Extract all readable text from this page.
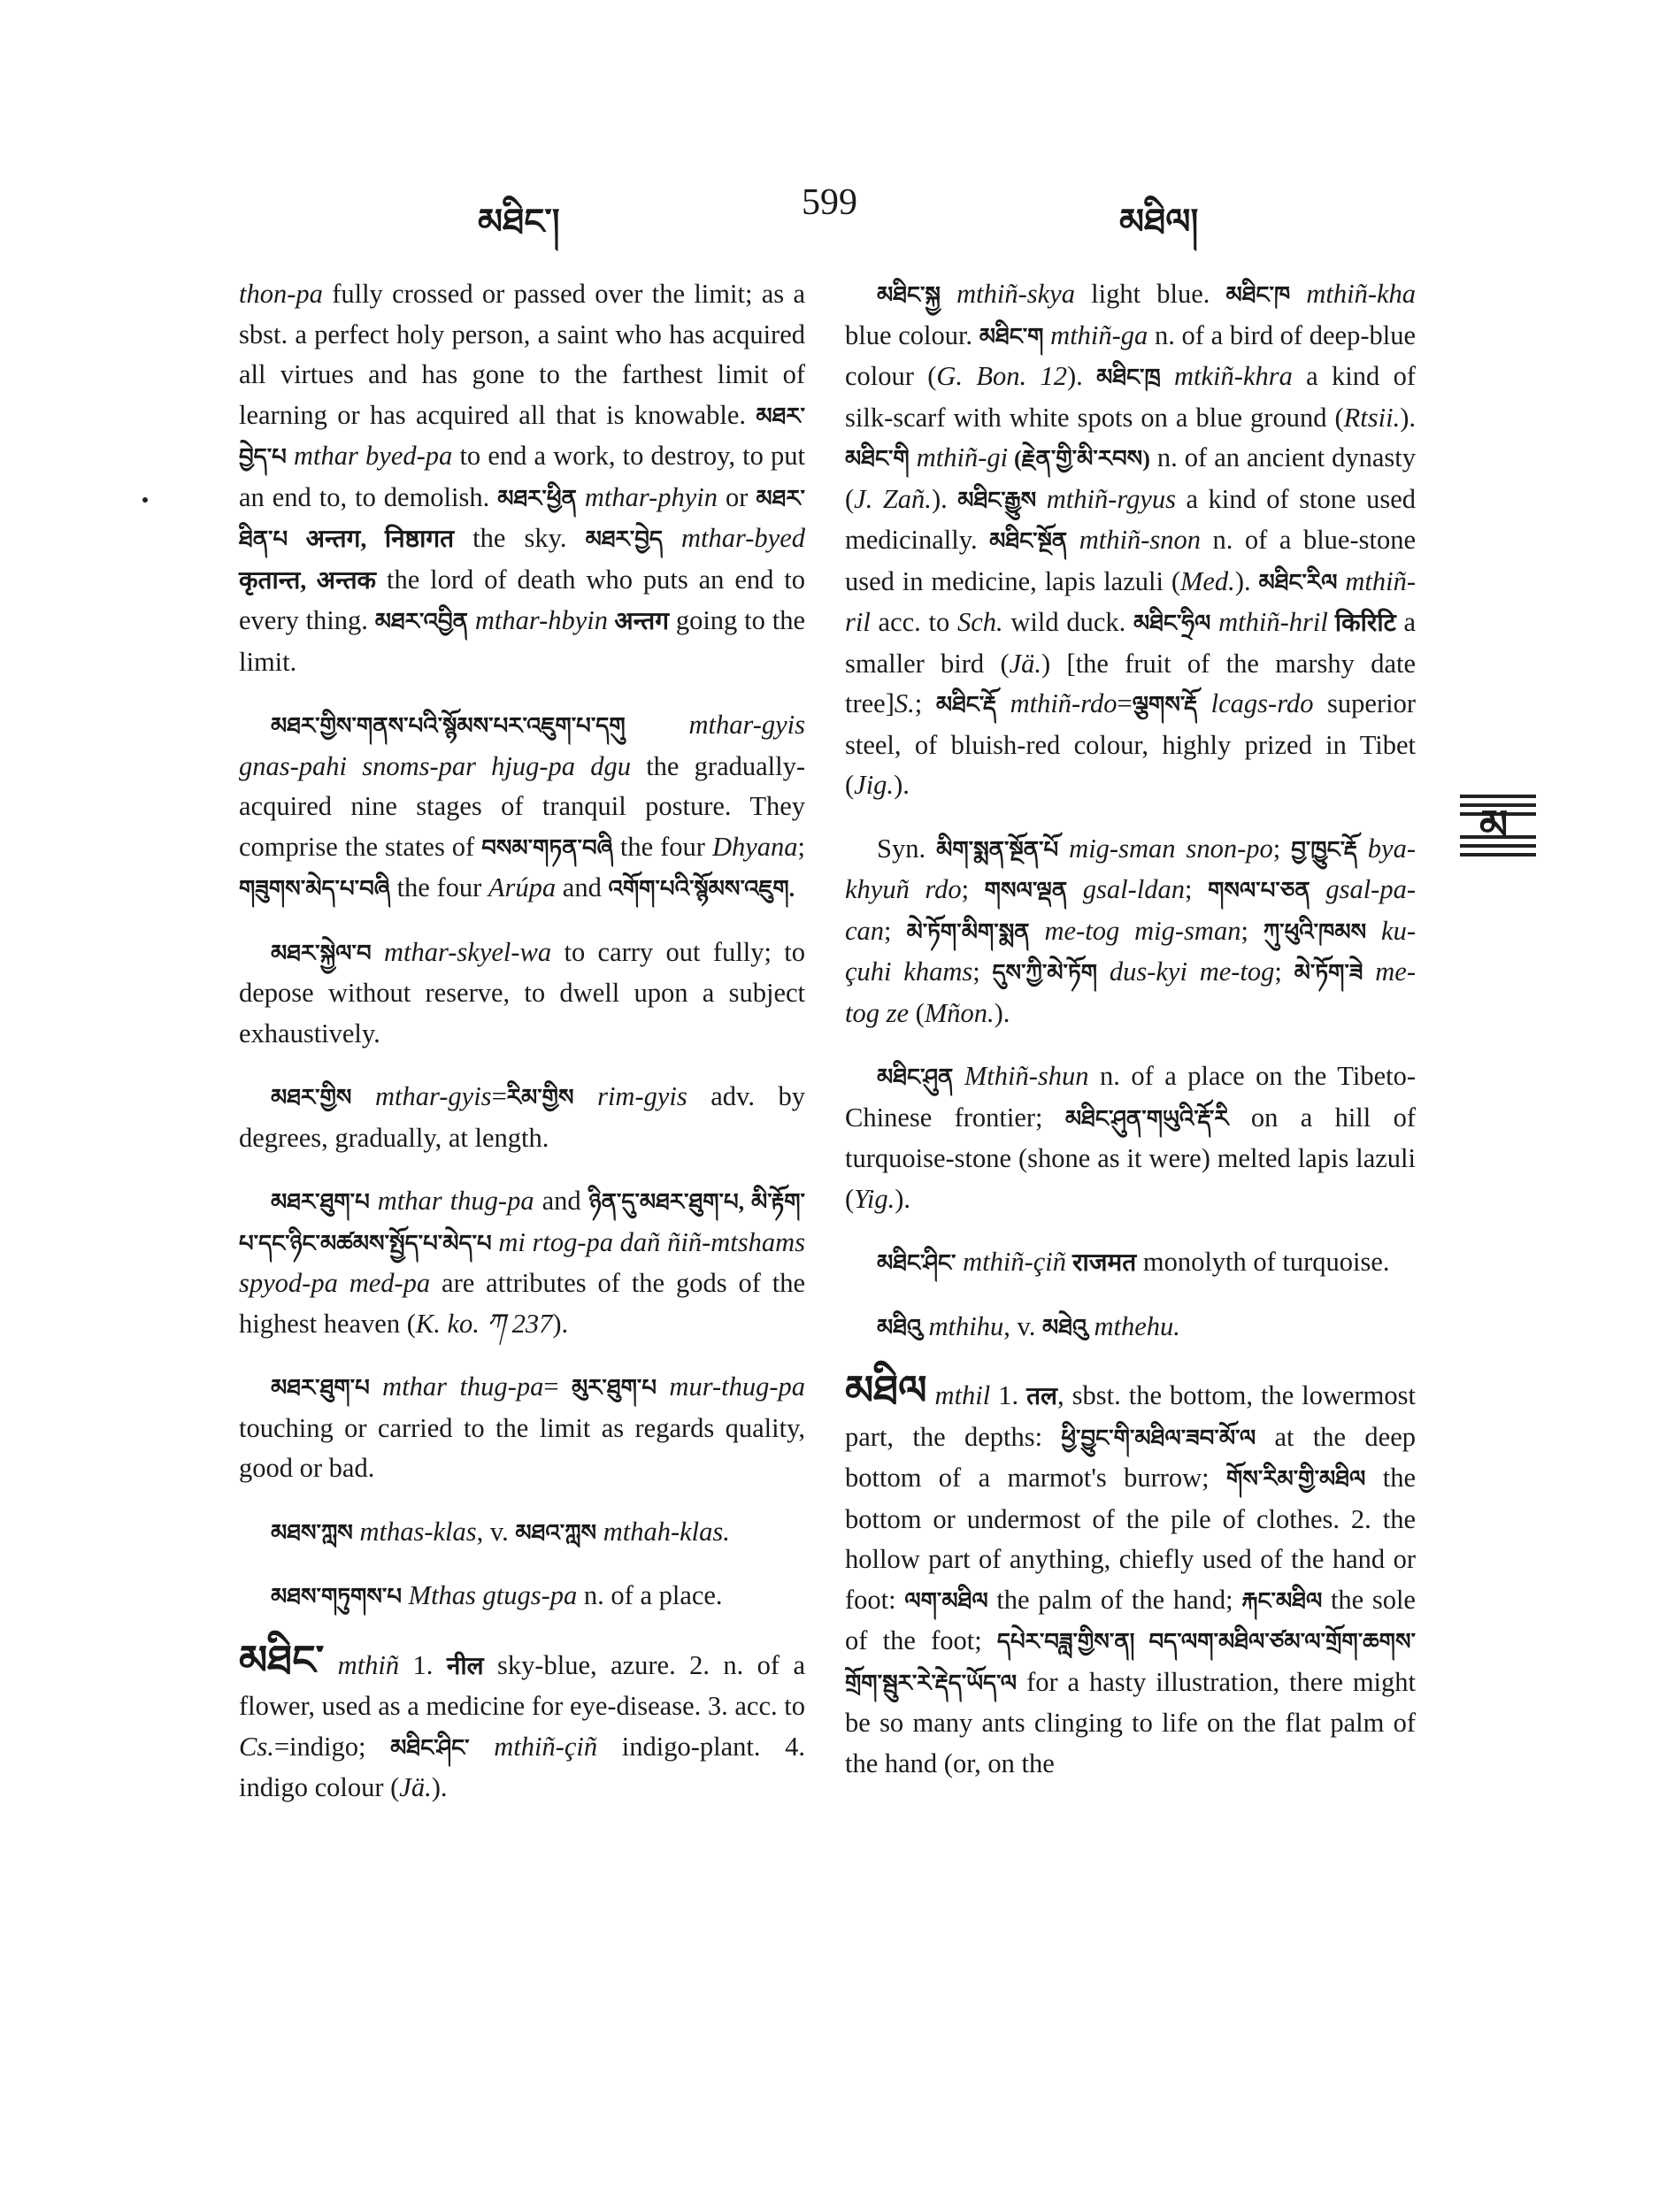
མཐིང་།	599	མཐིལ།
མ

thon-pa fully crossed or passed over the limit; as a sbst. a perfect holy person, a saint who has acquired all virtues and has gone to the farthest limit of learning or has acquired all that is knowable. མཐར་བྱེད་པ mthar byed-pa to end a work, to destroy, to put an end to, to demolish. མཐར་ཕྱིན mthar-phyin or མཐར་ཐིན་པ अन्तग, निष्ठागत the sky. མཐར་བྱེད mthar-byed कृतान्त, अन्तक the lord of death who puts an end to every thing. མཐར་འབྱིན mthar-hbyin अन्तग going to the limit.

མཐར་གྱིས་གནས་པའི་སྙོམས་པར་འཇུག་པ་དགུ mthar-gyis gnas-pahi snoms-par hjug-pa dgu the gradually-acquired nine stages of tranquil posture. They comprise the states of བསམ་གཏན་བཞི the four Dhyana; གཟུགས་མེད་པ་བཞི the four Arúpa and འགོག་པའི་སྙོམས་འཇུག.

མཐར་སྐྱེལ་བ mthar-skyel-wa to carry out fully; to depose without reserve, to dwell upon a subject exhaustively.

མཐར་གྱིས mthar-gyis=རིམ་གྱིས rim-gyis adv. by degrees, gradually, at length.

མཐར་ཐུག་པ mthar thug-pa and ཉིན་དུ་མཐར་ཐུག་པ, མི་རྟོག་པ་དང་ཉིང་མཚམས་སྤྱོད་པ་མེད་པ mi rtog-pa dañ ñiñ-mtshams spyod-pa med-pa are attributes of the gods of the highest heaven (K. ko. ཀ 237).

མཐར་ཐུག་པ mthar thug-pa= མུར་ཐུག་པ mur-thug-pa touching or carried to the limit as regards quality, good or bad.

མཐས་ཀླས mthas-klas, v. མཐའ་ཀླས mthah-klas.

མཐས་གཏུགས་པ Mthas gtugs-pa n. of a place.

མཐིང་ mthiñ 1. नील sky-blue, azure. 2. n. of a flower, used as a medicine for eye-disease. 3. acc. to Cs.=indigo; མཐིང་ཤིང་ mthiñ-çiñ indigo-plant. 4. indigo colour (Jä.).

མཐིང་སྐྱ mthiñ-skya light blue. མཐིང་ཁ mthiñ-kha blue colour. མཐིང་ག mthiñ-ga n. of a bird of deep-blue colour (G. Bon. 12). མཐིང་ཁྲ mtkiñ-khra a kind of silk-scarf with white spots on a blue ground (Rtsii.). མཐིང་གི mthiñ-gi (རྗེན་གྱི་མི་རབས) n. of an ancient dynasty (J. Zañ.). མཐིང་རྒྱུས mthiñ-rgyus a kind of stone used medicinally. མཐིང་སྔོན mthiñ-snon n. of a blue-stone used in medicine, lapis lazuli (Med.). མཐིང་རིལ mthiñ-ril acc. to Sch. wild duck. མཐིང་ཧྲིལ mthiñ-hril किरिटि a smaller bird (Jä.) [the fruit of the marshy date tree]S.; མཐིང་རྡོ mthiñ-rdo=ལྕགས་རྡོ lcags-rdo superior steel, of bluish-red colour, highly prized in Tibet (Jig.).

Syn. མིག་སྨན་སྔོན་པོ mig-sman snon-po; བྱ་ཁྱུང་རྡོ bya-khyuñ rdo; གསལ་ལྡན gsal-ldan; གསལ་པ་ཅན gsal-pa-can; མེ་ཏོག་མིག་སྨན me-tog mig-sman; ཀུ་ཕུའི་ཁམས ku-çuhi khams; དུས་ཀྱི་མེ་ཏོག dus-kyi me-tog; མེ་ཏོག་ཟེ me-tog ze (Mñon.).

མཐིང་ཤུན Mthiñ-shun n. of a place on the Tibeto-Chinese frontier; མཐིང་ཤུན་གཡུའི་རྡོ་རི on a hill of turquoise-stone (shone as it were) melted lapis lazuli (Yig.).

མཐིང་ཤིང་ mthiñ-çiñ राजमत monolyth of turquoise.

མཐིའུ mthihu, v. མཐེའུ mthehu.

མཐིལ mthil 1. तल, sbst. the bottom, the lowermost part, the depths: ཕྱི་བྱུང་གི་མཐིལ་ཟབ་མོ་ལ at the deep bottom of a marmot's burrow; གོས་རིམ་གྱི་མཐིལ the bottom or undermost of the pile of clothes. 2. the hollow part of anything, chiefly used of the hand or foot: ལག་མཐིལ the palm of the hand; རྐང་མཐིལ the sole of the foot; དཔེར་བཟླ་གྱིས་ན། བད་ལག་མཐིལ་ཙམ་ལ་གྲོག་ཆགས་གྲོག་སྦུར་རེ་རྡེད་ཡོད་ལ for a hasty illustration, there might be so many ants clinging to life on the flat palm of the hand (or, on the
